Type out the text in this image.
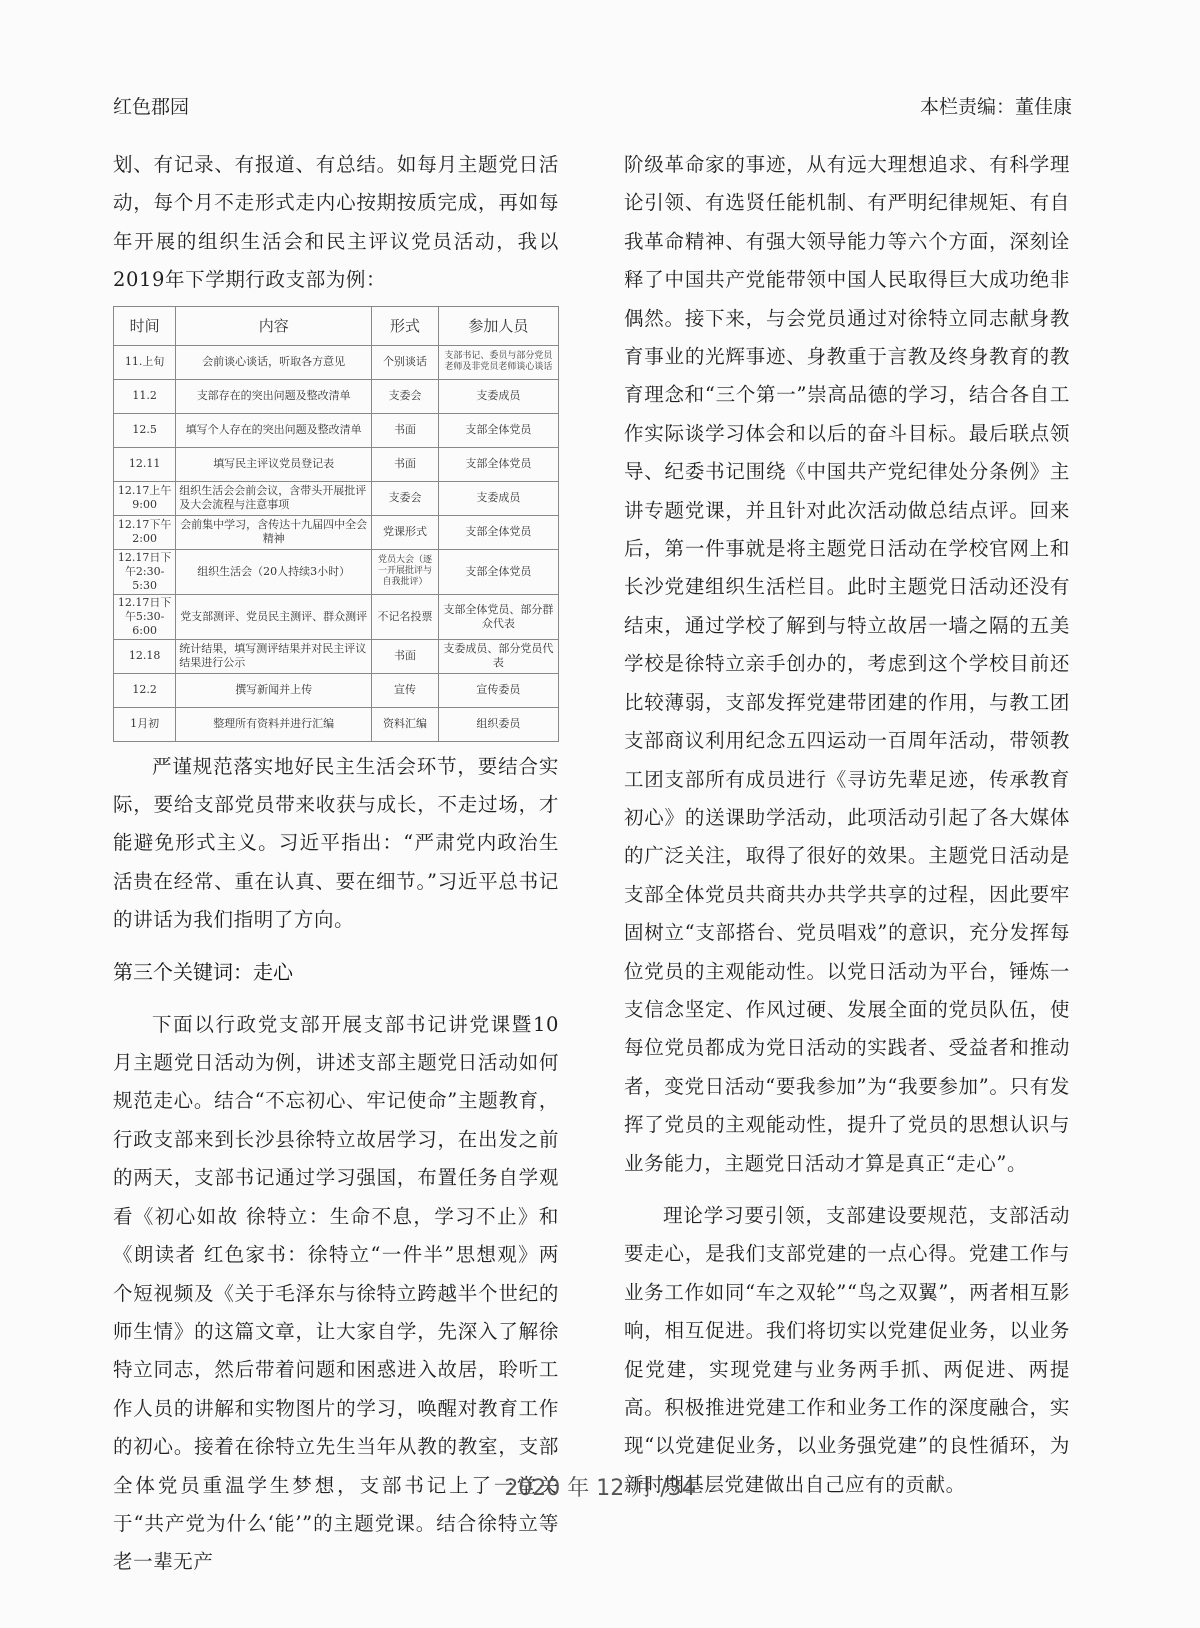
红色郡园	本栏责编：董佳康

划、有记录、有报道、有总结。如每月主题党日活动，每个月不走形式走内心按期按质完成，再如每年开展的组织生活会和民主评议党员活动，我以2019年下学期行政支部为例：

时间	内容	形式	参加人员
11.上旬	会前谈心谈话，听取各方意见	个别谈话	支部书记、委员与部分党员老师及非党员老师谈心谈话
11.2	支部存在的突出问题及整改清单	支委会	支委成员
12.5	填写个人存在的突出问题及整改清单	书面	支部全体党员
12.11	填写民主评议党员登记表	书面	支部全体党员
12.17上午9:00	组织生活会会前会议，含带头开展批评及大会流程与注意事项	支委会	支委成员
12.17下午2:00	会前集中学习，含传达十九届四中全会精神	党课形式	支部全体党员
12.17日下午2:30-5:30	组织生活会（20人持续3小时）	党员大会（逐一开展批评与自我批评）	支部全体党员
12.17日下午5:30-6:00	党支部测评、党员民主测评、群众测评	不记名投票	支部全体党员、部分群众代表
12.18	统计结果，填写测评结果并对民主评议结果进行公示	书面	支委成员、部分党员代表
12.2	撰写新闻并上传	宣传	宣传委员
1月初	整理所有资料并进行汇编	资料汇编	组织委员

严谨规范落实地好民主生活会环节，要结合实际，要给支部党员带来收获与成长，不走过场，才能避免形式主义。习近平指出：“严肃党内政治生活贵在经常、重在认真、要在细节。”习近平总书记的讲话为我们指明了方向。

第三个关键词：走心

下面以行政党支部开展支部书记讲党课暨10月主题党日活动为例，讲述支部主题党日活动如何规范走心。结合“不忘初心、牢记使命”主题教育，行政支部来到长沙县徐特立故居学习，在出发之前的两天，支部书记通过学习强国，布置任务自学观看《初心如故 徐特立：生命不息，学习不止》和《朗读者 红色家书：徐特立“一件半”思想观》两个短视频及《关于毛泽东与徐特立跨越半个世纪的师生情》的这篇文章，让大家自学，先深入了解徐特立同志，然后带着问题和困惑进入故居，聆听工作人员的讲解和实物图片的学习，唤醒对教育工作的初心。接着在徐特立先生当年从教的教室，支部全体党员重温学生梦想，支部书记上了一堂关于“共产党为什么‘能’”的主题党课。结合徐特立等老一辈无产

阶级革命家的事迹，从有远大理想追求、有科学理论引领、有选贤任能机制、有严明纪律规矩、有自我革命精神、有强大领导能力等六个方面，深刻诠释了中国共产党能带领中国人民取得巨大成功绝非偶然。接下来，与会党员通过对徐特立同志献身教育事业的光辉事迹、身教重于言教及终身教育的教育理念和“三个第一”崇高品德的学习，结合各自工作实际谈学习体会和以后的奋斗目标。最后联点领导、纪委书记围绕《中国共产党纪律处分条例》主讲专题党课，并且针对此次活动做总结点评。回来后，第一件事就是将主题党日活动在学校官网上和长沙党建组织生活栏目。此时主题党日活动还没有结束，通过学校了解到与特立故居一墙之隔的五美学校是徐特立亲手创办的，考虑到这个学校目前还比较薄弱，支部发挥党建带团建的作用，与教工团支部商议利用纪念五四运动一百周年活动，带领教工团支部所有成员进行《寻访先辈足迹，传承教育初心》的送课助学活动，此项活动引起了各大媒体的广泛关注，取得了很好的效果。主题党日活动是支部全体党员共商共办共学共享的过程，因此要牢固树立“支部搭台、党员唱戏”的意识，充分发挥每位党员的主观能动性。以党日活动为平台，锤炼一支信念坚定、作风过硬、发展全面的党员队伍，使每位党员都成为党日活动的实践者、受益者和推动者，变党日活动“要我参加”为“我要参加”。只有发挥了党员的主观能动性，提升了党员的思想认识与业务能力，主题党日活动才算是真正“走心”。

理论学习要引领，支部建设要规范，支部活动要走心，是我们支部党建的一点心得。党建工作与业务工作如同“车之双轮”“鸟之双翼”，两者相互影响，相互促进。我们将切实以党建促业务，以业务促党建，实现党建与业务两手抓、两促进、两提高。积极推进党建工作和业务工作的深度融合，实现“以党建促业务，以业务强党建”的良性循环，为新时期基层党建做出自己应有的贡献。

2020 年 12 月 /34
